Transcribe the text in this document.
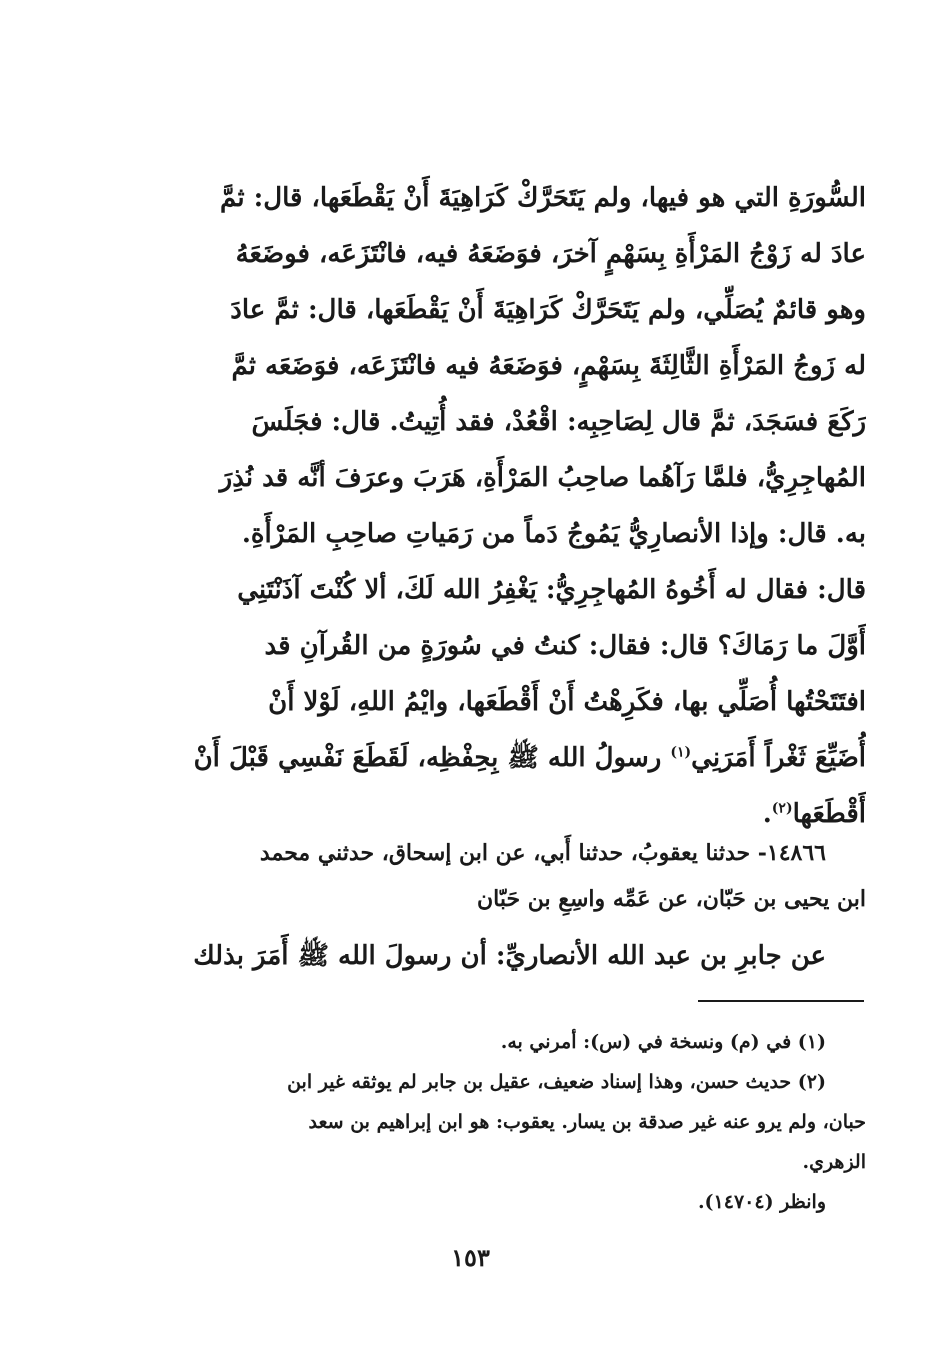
السُّورَةِ التي هو فيها، ولم يَتَحَرَّكْ كَرَاهِيَةَ أَنْ يَقْطَعَها، قال: ثمَّ
عادَ له زَوْجُ المَرْأَةِ بِسَهْمٍ آخرَ، فوَضَعَهُ فيه، فانْتَزَعَه، فوضَعَهُ
وهو قائمٌ يُصَلِّي، ولم يَتَحَرَّكْ كَرَاهِيَةَ أَنْ يَقْطَعَها، قال: ثمَّ عادَ
له زَوجُ المَرْأَةِ الثَّالِثَةَ بِسَهْمٍ، فوَضَعَهُ فيه فانْتَزَعَه، فوَضَعَه ثمَّ
رَكَعَ فسَجَدَ، ثمَّ قال لِصَاحِبِه: اقْعُدْ، فقد أُتِيتُ. قال: فجَلَسَ
المُهاجِرِيُّ، فلمَّا رَآهُما صاحِبُ المَرْأَةِ، هَرَبَ وعرَفَ أنَّه قد نُذِرَ
به. قال: وإذا الأنصارِيُّ يَمُوجُ دَماً من رَمَياتِ صاحِبِ المَرْأَةِ.
قال: فقال له أَخُوهُ المُهاجِرِيُّ: يَغْفِرُ الله لَكَ، ألا كُنْتَ آذَنْتَنِي
أَوَّلَ ما رَمَاكَ؟ قال: فقال: كنتُ في سُورَةٍ من القُرآنِ قد
افتَتَحْتُها أُصَلِّي بها، فكَرِهْتُ أَنْ أَقْطَعَها، وايْمُ اللهِ، لَوْلا أَنْ
أُضَيِّعَ ثَغْراً أَمَرَنِي$^{(١)}$ رسولُ الله ﷺ بِحِفْظِه، لَقَطَعَ نَفْسِي قَبْلَ أَنْ
أَقْطَعَها$^{(٢)}$.
١٤٨٦٦- حدثنا يعقوبُ، حدثنا أَبي، عن ابن إسحاق، حدثني محمد
ابن يحيى بن حَبّان، عن عَمِّه واسِعِ بن حَبّان
عن جابرِ بن عبد الله الأنصاريِّ: أن رسولَ الله ﷺ أَمَرَ بذلك
(١) في (م) ونسخة في (س): أمرني به.
(٢) حديث حسن، وهذا إسناد ضعيف، عقيل بن جابر لم يوثقه غير ابن
حبان، ولم يرو عنه غير صدقة بن يسار. يعقوب: هو ابن إبراهيم بن سعد
الزهري.
وانظر (١٤٧٠٤).
١٥٣
